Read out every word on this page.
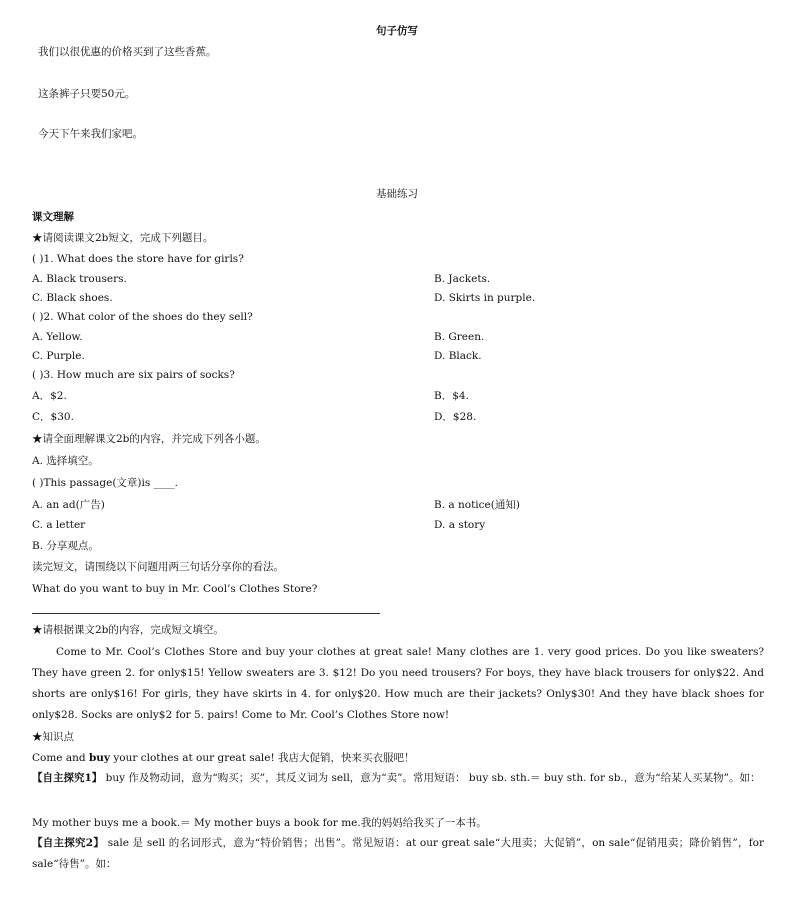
句子仿写
我们以很优惠的价格买到了这些香蕉。
这条裤子只要50元。
今天下午来我们家吧。
基础练习
课文理解
★请阅读课文2b短文，完成下列题目。
( )1. What does the store have for girls?
A. Black trousers.	B. Jackets.
C. Black shoes.	D. Skirts in purple.
( )2. What color of the shoes do they sell?
A. Yellow.	B. Green.
C. Purple.	D. Black.
( )3. How much are six pairs of socks?
A．$2.	B．$4.
C．$30.	D．$28.
★请全面理解课文2b的内容，并完成下列各小题。
A. 选择填空。
( )This passage(文章)is ____.
A. an ad(广告)	B. a notice(通知)
C. a letter	D. a story
B. 分享观点。
读完短文，请围绕以下问题用两三句话分享你的看法。
What do you want to buy in Mr. Cool’s Clothes Store?
★请根据课文2b的内容，完成短文填空。
Come to Mr. Cool’s Clothes Store and buy your clothes at great sale! Many clothes are 1. very good prices. Do you like sweaters? They have green 2. for only$15! Yellow sweaters are 3. $12! Do you need trousers? For boys, they have black trousers for only$22. And shorts are only$16! For girls, they have skirts in 4. for only$20. How much are their jackets? Only$30! And they have black shoes for only$28. Socks are only$2 for 5. pairs! Come to Mr. Cool’s Clothes Store now!
★知识点
Come and buy your clothes at our great sale! 我店大促销，快来买衣服吧！
【自主探究1】 buy 作及物动词，意为“购买；买”，其反义词为 sell，意为“卖”。常用短语： buy sb. sth.＝ buy sth. for sb.，意为“给某人买某物”。如：
My mother buys me a book.＝ My mother buys a book for me.我的妈妈给我买了一本书。
【自主探究2】 sale 是 sell 的名词形式，意为“特价销售；出售”。常见短语：at our great sale“大甩卖；大促销”，on sale“促销甩卖；降价销售”，for sale“待售”。如：
